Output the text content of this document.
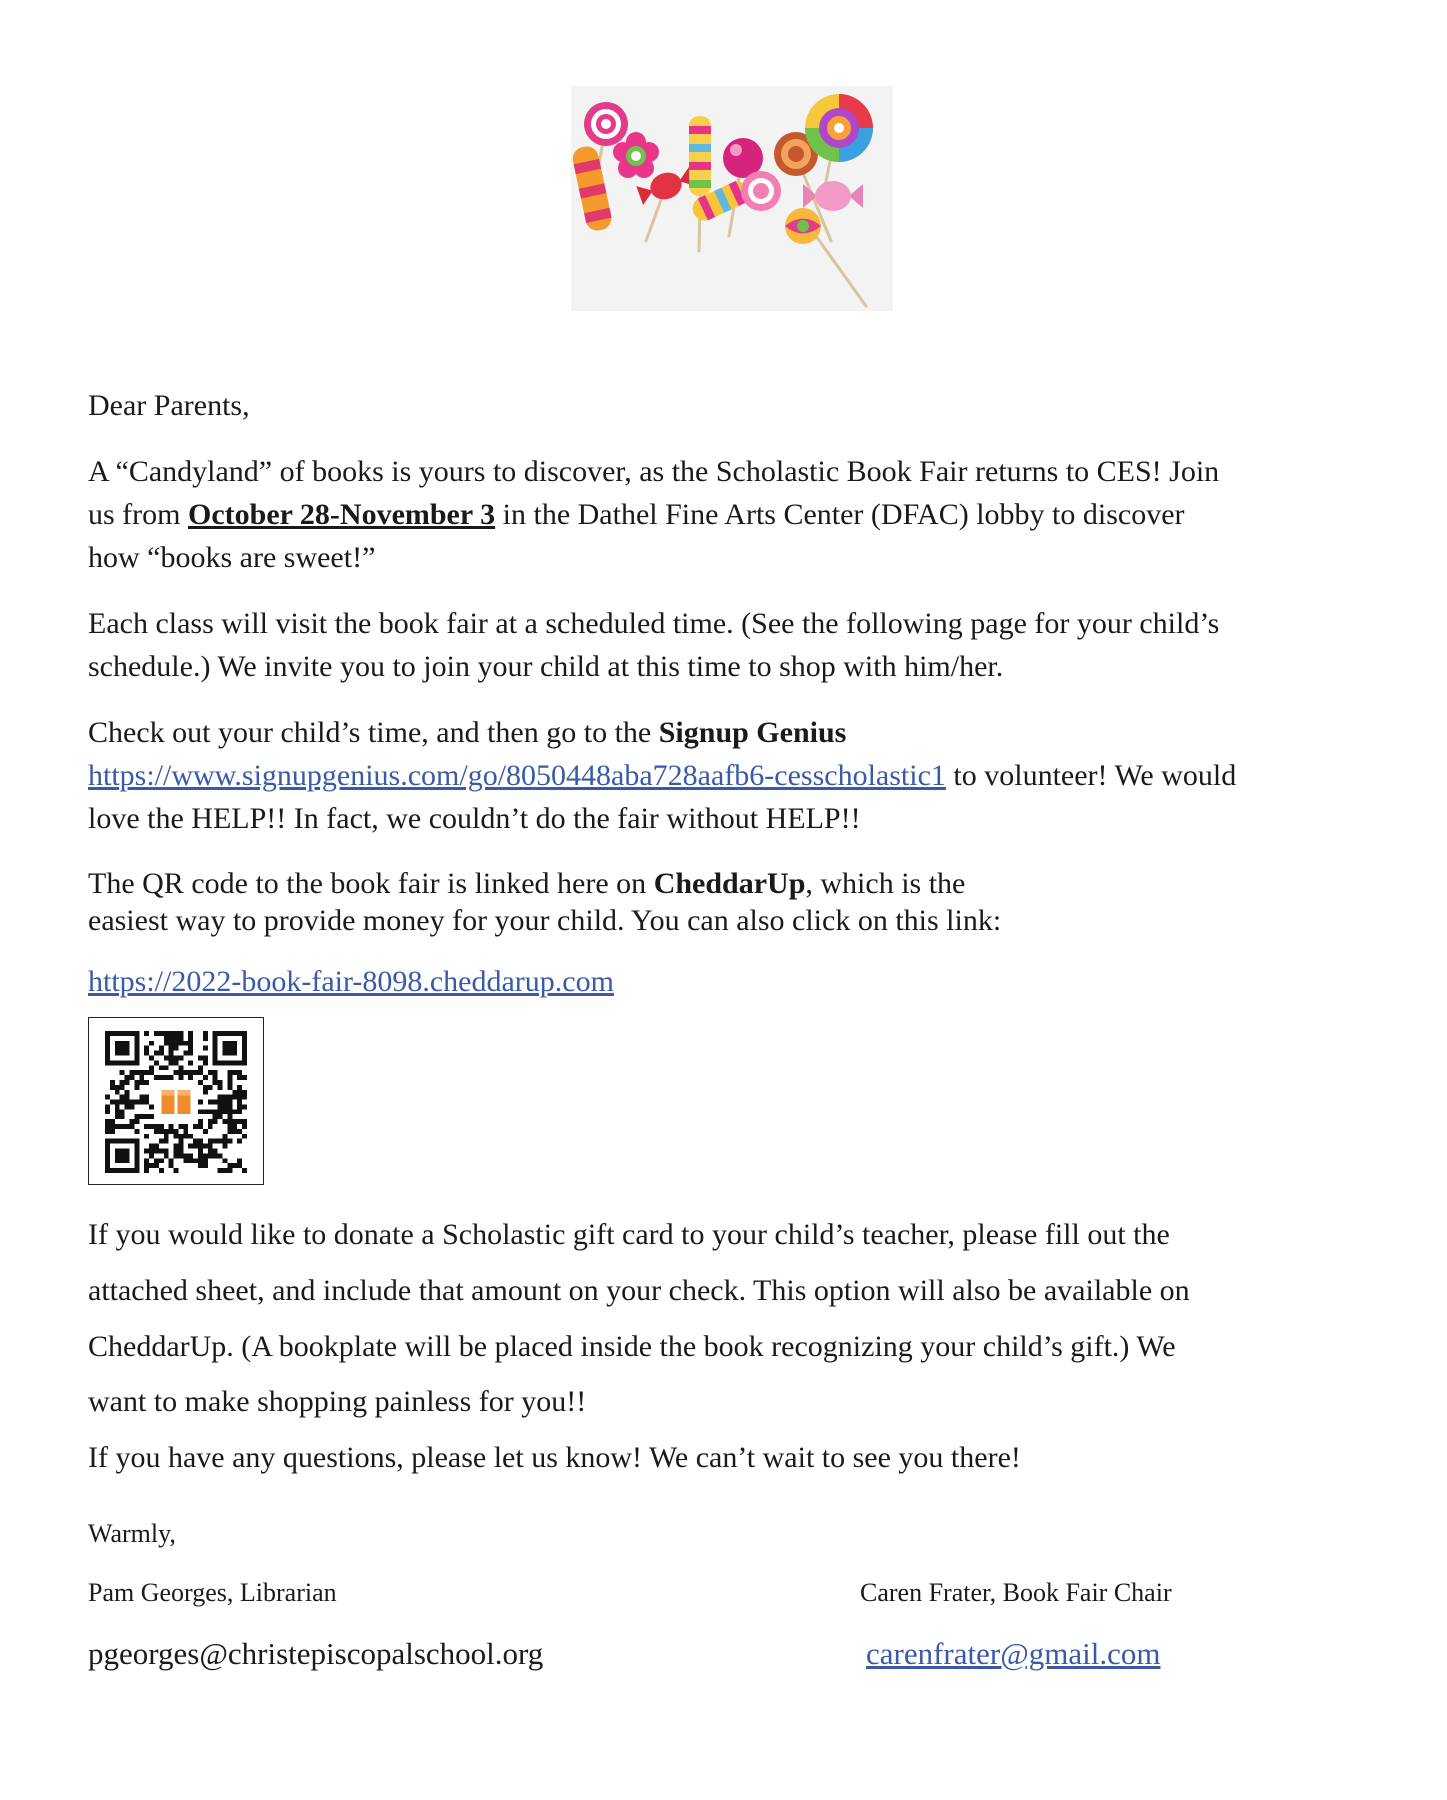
Dear Parents,
A “Candyland” of books is yours to discover, as the Scholastic Book Fair returns to CES! Join
us from October 28-November 3 in the Dathel Fine Arts Center (DFAC) lobby to discover
how “books are sweet!”
Each class will visit the book fair at a scheduled time. (See the following page for your child’s
schedule.) We invite you to join your child at this time to shop with him/her.
Check out your child’s time, and then go to the Signup Genius
https://www.signupgenius.com/go/8050448aba728aafb6-cesscholastic1 to volunteer! We would
love the HELP!! In fact, we couldn’t do the fair without HELP!!
The QR code to the book fair is linked here on CheddarUp, which is the
easiest way to provide money for your child. You can also click on this link:
https://2022-book-fair-8098.cheddarup.com
If you would like to donate a Scholastic gift card to your child’s teacher, please fill out the
attached sheet, and include that amount on your check. This option will also be available on
CheddarUp. (A bookplate will be placed inside the book recognizing your child’s gift.) We
want to make shopping painless for you!!
If you have any questions, please let us know! We can’t wait to see you there!
Warmly,
Pam Georges, Librarian	Caren Frater, Book Fair Chair
pgeorges@christepiscopalschool.org	carenfrater@gmail.com
